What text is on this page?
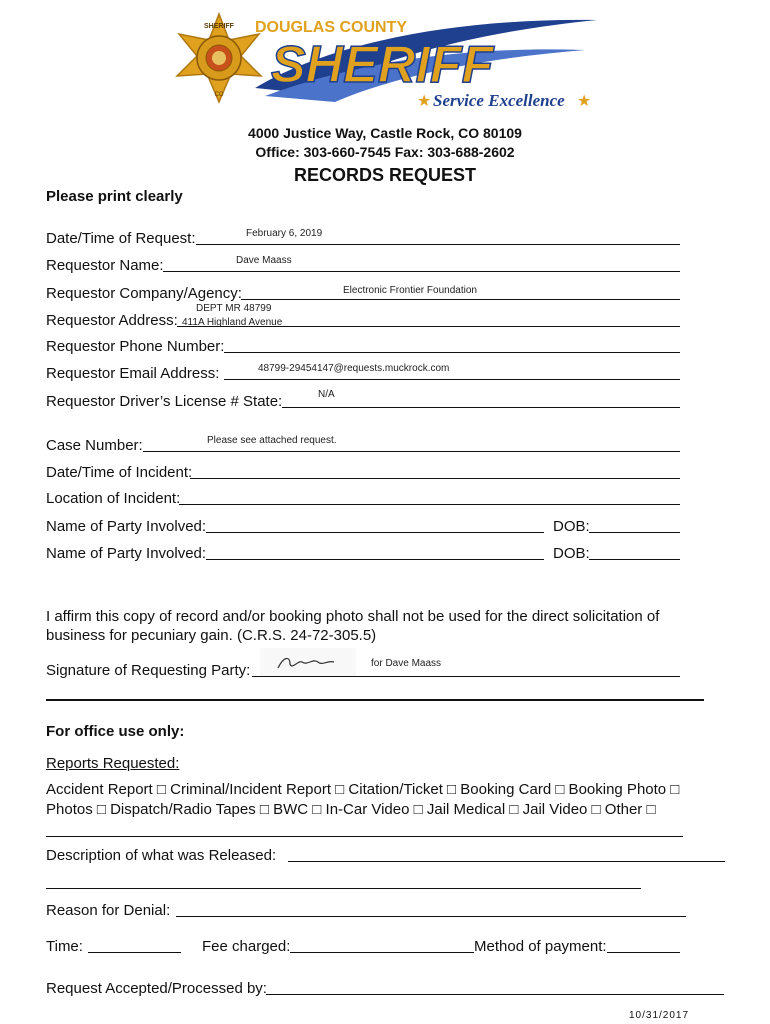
SHERIFF
CO
DOUGLAS COUNTY
SHERIFF
★ Service Excellence ★
4000 Justice Way, Castle Rock, CO 80109
Office: 303-660-7545 Fax: 303-688-2602
RECORDS REQUEST
Please print clearly
Date/Time of Request:	February 6, 2019
Requestor Name:	Dave Maass
Requestor Company/Agency:	Electronic Frontier Foundation
Requestor Address:
DEPT MR 48799
411A Highland Avenue
Requestor Phone Number:
Requestor Email Address:	48799-29454147@requests.muckrock.com
Requestor Driver’s License # State:	N/A
Case Number:	Please see attached request.
Date/Time of Incident:
Location of Incident:
Name of Party Involved:	DOB:
Name of Party Involved:	DOB:
I affirm this copy of record and/or booking photo shall not be used for the direct solicitation of
business for pecuniary gain. (C.R.S. 24-72-305.5)
Signature of Requesting Party:	for Dave Maass
For office use only:
Reports Requested:
Accident Report □ Criminal/Incident Report □ Citation/Ticket □ Booking Card □ Booking Photo □
Photos □ Dispatch/Radio Tapes □ BWC □ In-Car Video □ Jail Medical □ Jail Video □ Other □
Description of what was Released:
Reason for Denial:
Time:	Fee charged:	Method of payment:
Request Accepted/Processed by:
10/31/2017
